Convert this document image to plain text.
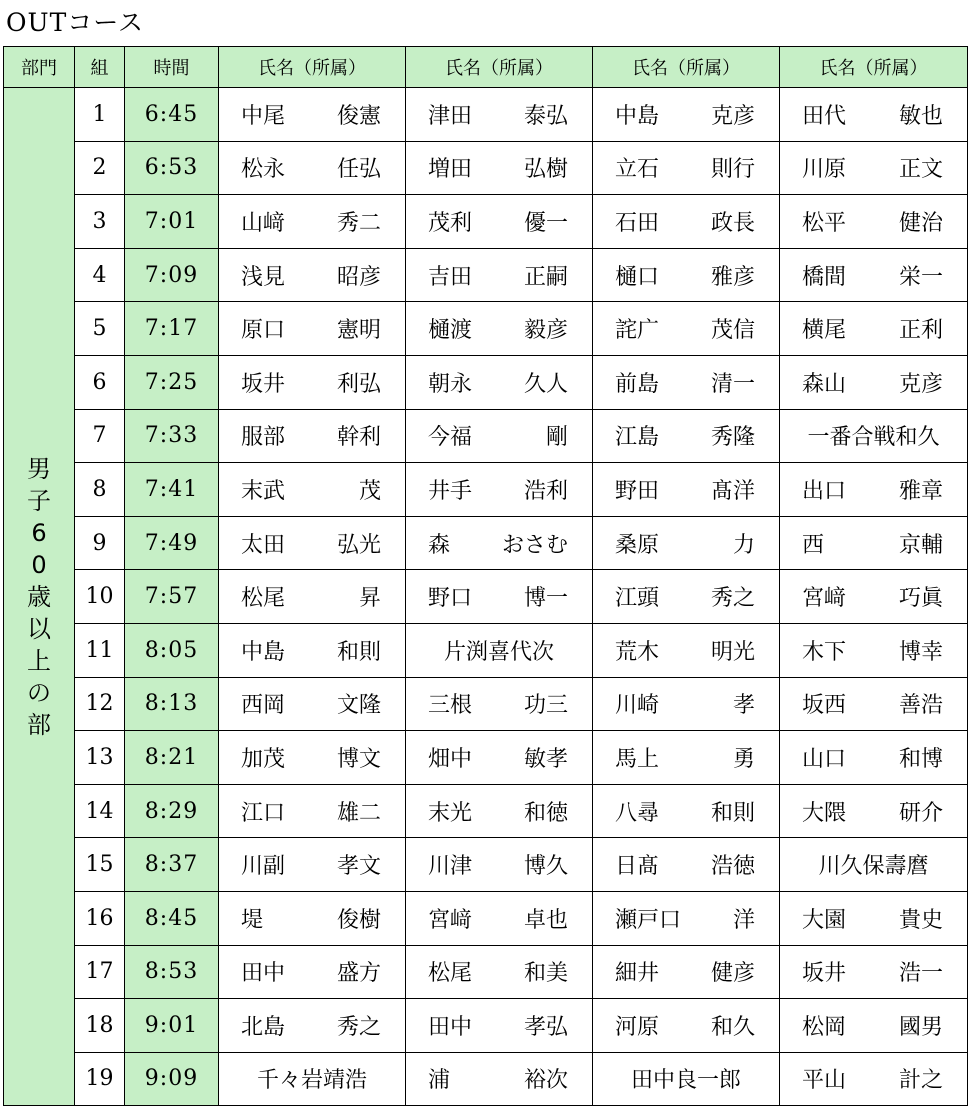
OUTコース
部門	組	時間	氏名（所属）	氏名（所属）	氏名（所属）	氏名（所属）
男子60歳以上の部	1	6:45	中尾 俊憲	津田 泰弘	中島 克彦	田代 敏也

	2	6:53	松永 任弘	増田 弘樹	立石 則行	川原 正文

	3	7:01	山﨑 秀二	茂利 優一	石田 政長	松平 健治

	4	7:09	浅見 昭彦	吉田 正嗣	樋口 雅彦	橋間 栄一

	5	7:17	原口 憲明	樋渡 毅彦	詫广 茂信	横尾 正利

	6	7:25	坂井 利弘	朝永 久人	前島 清一	森山 克彦

	7	7:33	服部 幹利	今福 剛	江島 秀隆	一番合戦和久

	8	7:41	末武 茂	井手 浩利	野田 髙洋	出口 雅章

	9	7:49	太田 弘光	森 おさむ	桑原 力	西 京輔

	10	7:57	松尾 昇	野口 博一	江頭 秀之	宮﨑 巧眞

	11	8:05	中島 和則	片渕喜代次	荒木 明光	木下 博幸

	12	8:13	西岡 文隆	三根 功三	川崎 孝	坂西 善浩

	13	8:21	加茂 博文	畑中 敏孝	馬上 勇	山口 和博

	14	8:29	江口 雄二	末光 和徳	八尋 和則	大隈 研介

	15	8:37	川副 孝文	川津 博久	日髙 浩徳	川久保壽麿

	16	8:45	堤 俊樹	宮﨑 卓也	瀬戸口 洋	大園 貴史

	17	8:53	田中 盛方	松尾 和美	細井 健彦	坂井 浩一

	18	9:01	北島 秀之	田中 孝弘	河原 和久	松岡 國男

	19	9:09	千々岩靖浩	浦 裕次	田中良一郎	平山 計之
